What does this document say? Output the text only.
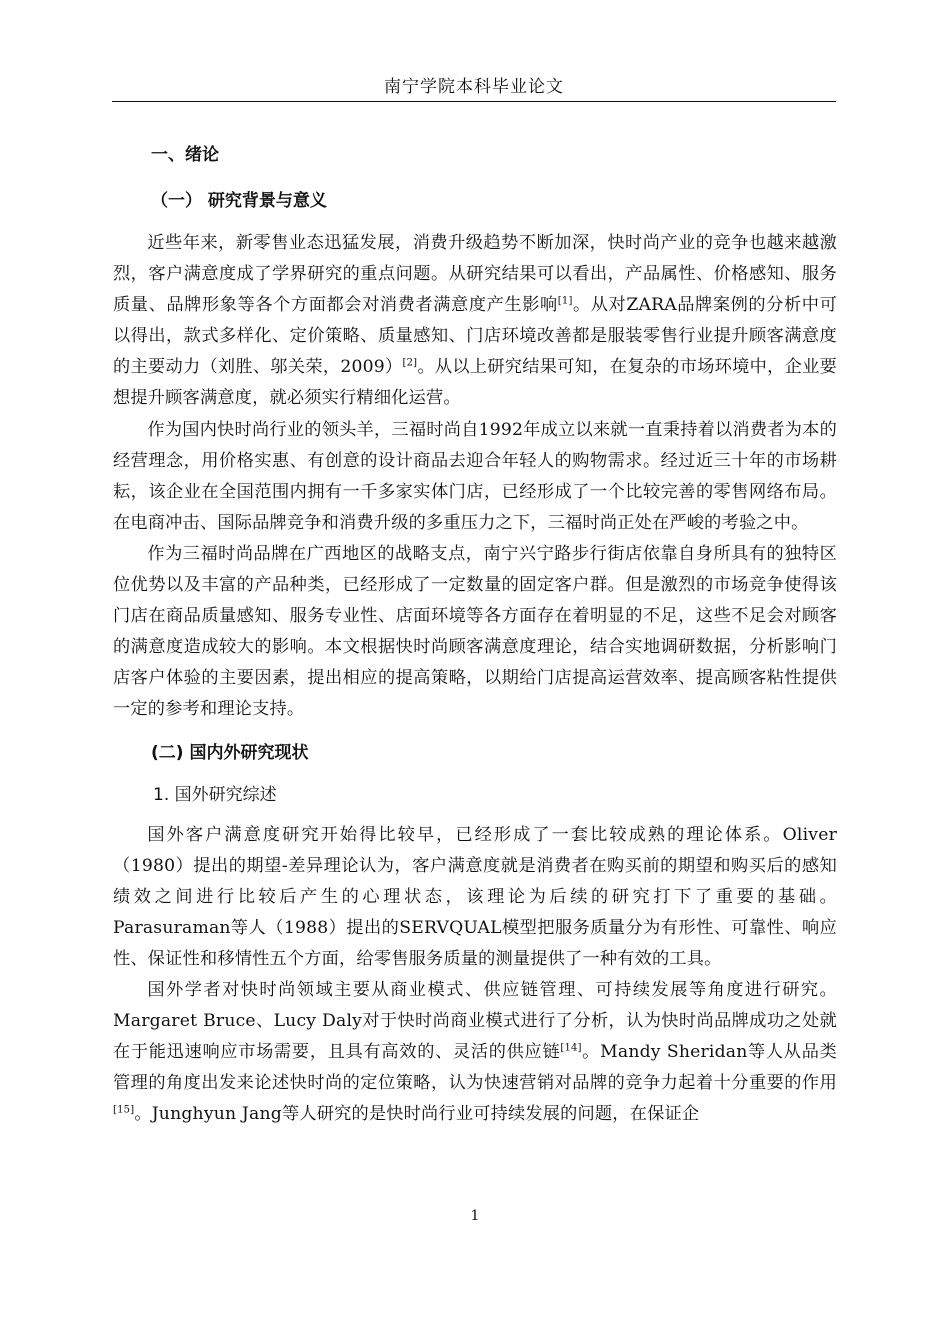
南宁学院本科毕业论文
一、绪论
（一） 研究背景与意义

近些年来，新零售业态迅猛发展，消费升级趋势不断加深，快时尚产业的竞争也越来越激烈，客户满意度成了学界研究的重点问题。从研究结果可以看出，产品属性、价格感知、服务质量、品牌形象等各个方面都会对消费者满意度产生影响[1]。从对ZARA品牌案例的分析中可以得出，款式多样化、定价策略、质量感知、门店环境改善都是服装零售行业提升顾客满意度的主要动力（刘胜、邬关荣，2009）[2]。从以上研究结果可知，在复杂的市场环境中，企业要想提升顾客满意度，就必须实行精细化运营。

作为国内快时尚行业的领头羊，三福时尚自1992年成立以来就一直秉持着以消费者为本的经营理念，用价格实惠、有创意的设计商品去迎合年轻人的购物需求。经过近三十年的市场耕耘，该企业在全国范围内拥有一千多家实体门店，已经形成了一个比较完善的零售网络布局。在电商冲击、国际品牌竞争和消费升级的多重压力之下，三福时尚正处在严峻的考验之中。

作为三福时尚品牌在广西地区的战略支点，南宁兴宁路步行街店依靠自身所具有的独特区位优势以及丰富的产品种类，已经形成了一定数量的固定客户群。但是激烈的市场竞争使得该门店在商品质量感知、服务专业性、店面环境等各方面存在着明显的不足，这些不足会对顾客的满意度造成较大的影响。本文根据快时尚顾客满意度理论，结合实地调研数据，分析影响门店客户体验的主要因素，提出相应的提高策略，以期给门店提高运营效率、提高顾客粘性提供一定的参考和理论支持。

(二) 国内外研究现状
1. 国外研究综述

国外客户满意度研究开始得比较早，已经形成了一套比较成熟的理论体系。Oliver（1980）提出的期望-差异理论认为，客户满意度就是消费者在购买前的期望和购买后的感知绩效之间进行比较后产生的心理状态，该理论为后续的研究打下了重要的基础。Parasuraman等人（1988）提出的SERVQUAL模型把服务质量分为有形性、可靠性、响应性、保证性和移情性五个方面，给零售服务质量的测量提供了一种有效的工具。

国外学者对快时尚领域主要从商业模式、供应链管理、可持续发展等角度进行研究。Margaret Bruce、Lucy Daly对于快时尚商业模式进行了分析，认为快时尚品牌成功之处就在于能迅速响应市场需要，且具有高效的、灵活的供应链[14]。Mandy Sheridan等人从品类管理的角度出发来论述快时尚的定位策略，认为快速营销对品牌的竞争力起着十分重要的作用[15]。Junghyun Jang等人研究的是快时尚行业可持续发展的问题，在保证企

1
